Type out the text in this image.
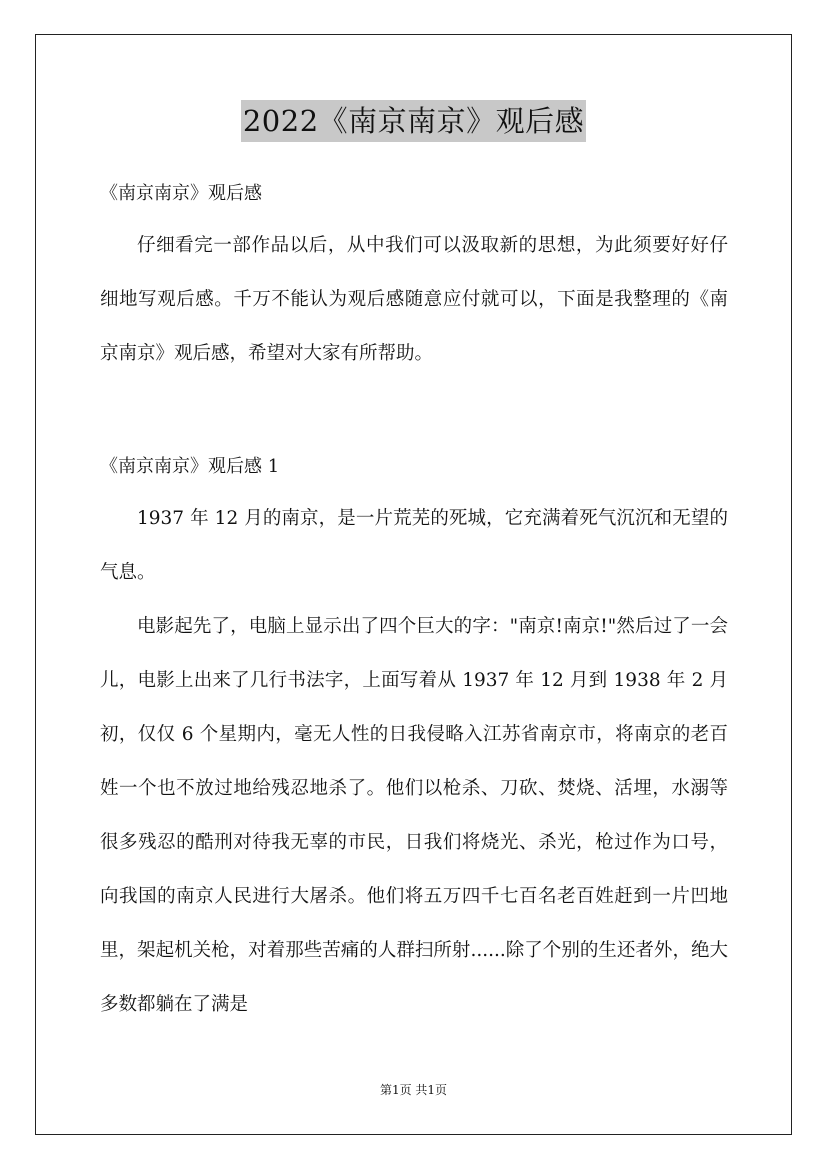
2022《南京南京》观后感
《南京南京》观后感

仔细看完一部作品以后，从中我们可以汲取新的思想，为此须要好好仔细地写观后感。千万不能认为观后感随意应付就可以，下面是我整理的《南京南京》观后感，希望对大家有所帮助。

《南京南京》观后感 1

1937 年 12 月的南京，是一片荒芜的死城，它充满着死气沉沉和无望的气息。

电影起先了，电脑上显示出了四个巨大的字："南京!南京!"然后过了一会儿，电影上出来了几行书法字，上面写着从 1937 年 12 月到 1938 年 2 月初，仅仅 6 个星期内，毫无人性的日我侵略入江苏省南京市，将南京的老百姓一个也不放过地给残忍地杀了。他们以枪杀、刀砍、焚烧、活埋，水溺等很多残忍的酷刑对待我无辜的市民，日我们将烧光、杀光，枪过作为口号，向我国的南京人民进行大屠杀。他们将五万四千七百名老百姓赶到一片凹地里，架起机关枪，对着那些苦痛的人群扫所射......除了个别的生还者外，绝大多数都躺在了满是

第1页 共1页
